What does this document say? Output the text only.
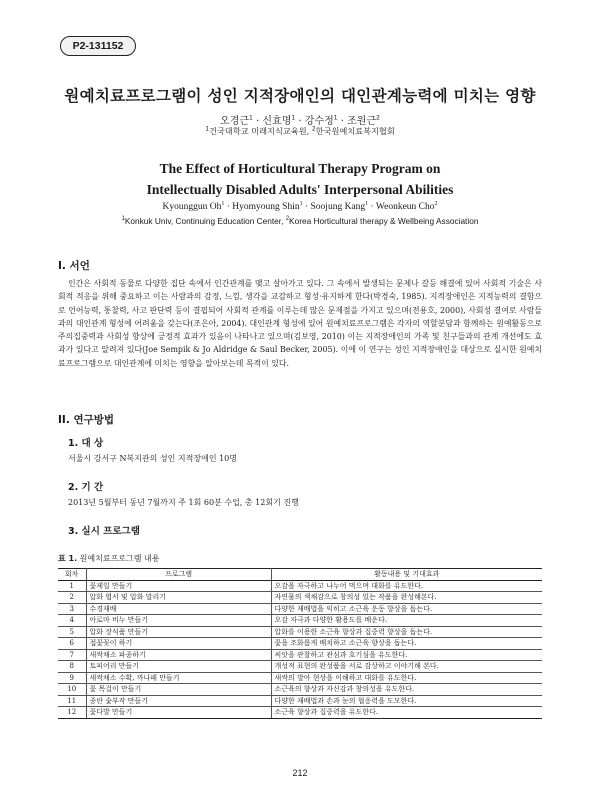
P2-131152
원예치료프로그램이 성인 지적장애인의 대인관계능력에 미치는 영향
오경근$^1$ · 신효명$^1$ · 강수정$^1$ · 조원근$^2$
$^1$건국대학교 미래지식교육원, $^2$한국원예치료복지협회
The Effect of Horticultural Therapy Program on
Intellectually Disabled Adults' Interpersonal Abilities
Kyounggun $Oh^1$ · Hyomyoung Shin$^1$ · Soojung Kang$^1$ · Weonkeun Cho$^2$
$^1$Konkuk Univ, Continuing Education Center, $^2$Korea Horticultural therapy & Wellbeing Association
I. 서언
인간은 사회적 동물로 다양한 집단 속에서 인간관계를 맺고 살아가고 있다. 그 속에서 발생되는 문제나 갈등 해결에 있어 사회적 기술은 사회적 적응을 위해 중요하고 이는 사람과의 감정, 느낌, 생각을 교감하고 형성·유지하게 한다(박경숙, 1985). 지적장애인은 지적능력의 결함으로 언어능력, 통찰력, 사고 판단력 등이 결핍되어 사회적 관계를 이루는데 많은 문제점을 가지고 있으며(전용호, 2000), 사회성 결여로 사람들과의 대인관계 형성에 어려움을 갖는다(조은아, 2004). 대인관계 형성에 있어 원예치료프로그램은 각자의 역할분담과 함께하는 원예활동으로 주의집중력과 사회성 향상에 긍정적 효과가 있음이 나타나고 있으며(김보영, 2010) 이는 지적장애인의 가족 및 친구들과의 관계 개선에도 효과가 있다고 알려져 있다(Joe Sempik & Jo Aldridge & Saul Becker, 2005). 이에 이 연구는 성인 지적장애인을 대상으로 실시한 원예치료프로그램으로 대인관계에 미치는 영향을 알아보는데 목적이 있다.
II. 연구방법
1. 대 상
서울시 강서구 N복지관의 성인 지적장애인 10명
2. 기 간
2013년 5월부터 동년 7월까지 주 1회 60분 수업, 총 12회기 진행
3. 실시 프로그램
표 1. 원예치료프로그램 내용
회차	프로그램	활동내용 및 기대효과
1	꽃제일 만들기	오감을 자극하고 나누어 먹으며 대화를 유도한다.
2	압화 엽서 및 압화 말리기	자연물의 색채감으로 창의성 있는 작품을 완성해본다.
3	수경재배	다양한 재배법을 익히고 소근육 운동 향상을 돕는다.
4	아로마 비누 만들기	오감 자극과 다양한 활용도를 배운다.
5	압화 장식품 만들기	압화를 이용한 소근육 향상과 집중력 향상을 돕는다.
6	접꽃꽂이 하기	꽃을 조화롭게 배치하고 소근육 향상을 돕는다.
7	새싹채소 파종하기	씨앗을 관찰하고 관심과 호기심을 유도한다.
8	토피어리 만들기	개성적 표현의 완성품을 서로 감상하고 이야기해 본다.
9	새싹채소 수확, 까나페 만들기	새싹의 발아 현상을 이해하고 대화를 유도한다.
10	꽃 목걸이 만들기	소근육의 향상과 자신감과 창의성을 유도한다.
11	종란 숯부작 만들기	다양한 재배법과 손과 눈의 협응력을 도모한다.
12	꽃다발 만들기	소근육 향상과 집중력을 유도한다.
212
